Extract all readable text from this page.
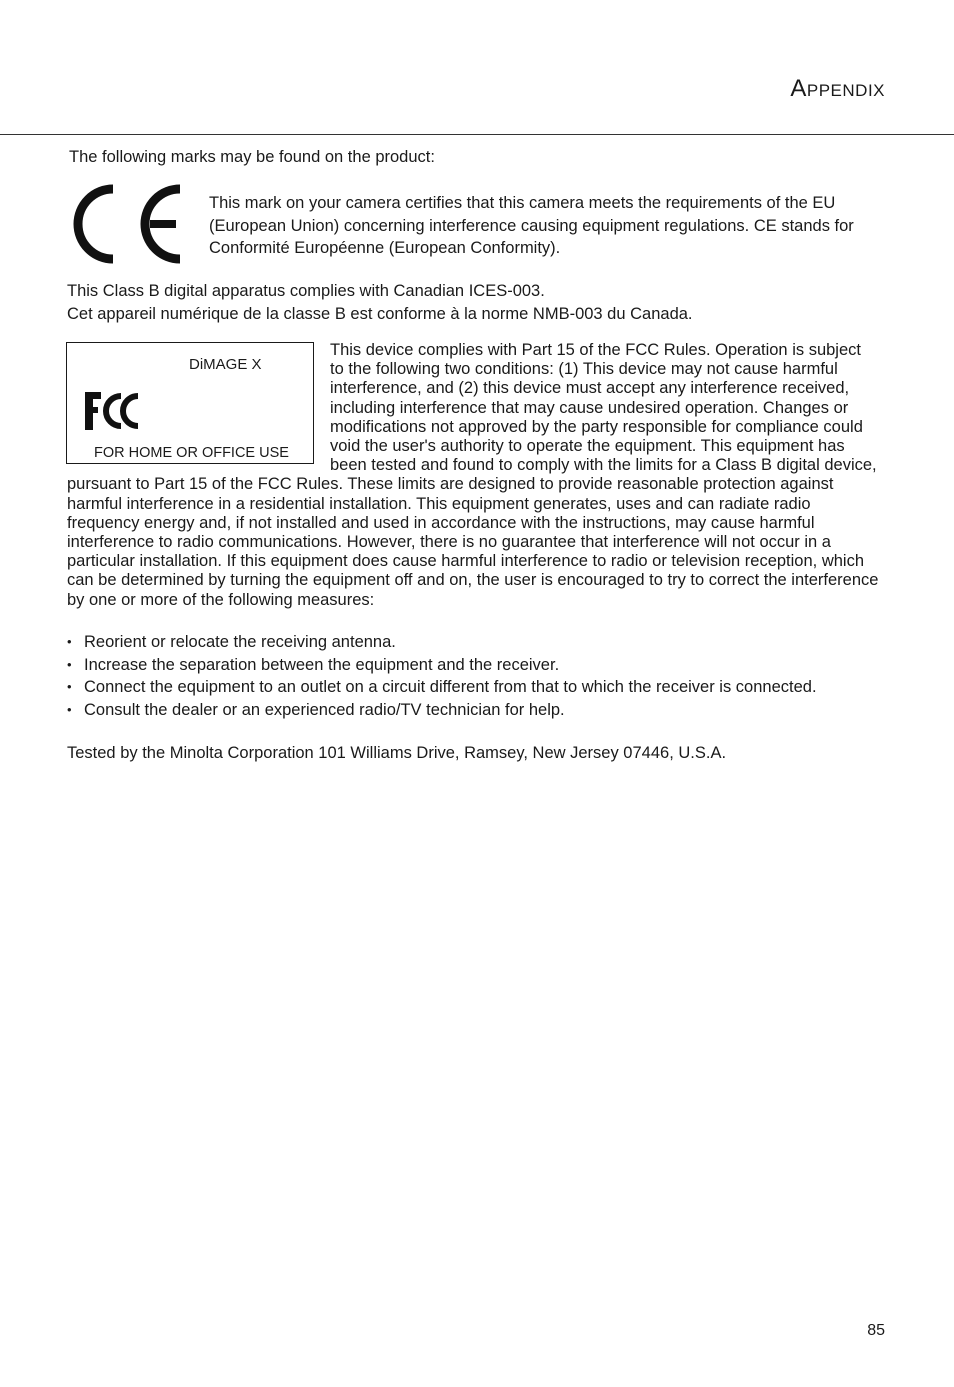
Appendix
The following marks may be found on the product:
This mark on your camera certifies that this camera meets the requirements of the EU (European Union) concerning interference causing equipment regulations. CE stands for Conformité Européenne (European Conformity).

This Class B digital apparatus complies with Canadian ICES-003.

Cet appareil numérique de la classe B est conforme à la norme NMB-003 du Canada.

This device complies with Part 15 of the FCC Rules. Operation is subject to the following two conditions: (1) This device may not cause harmful interference, and (2) this device must accept any interference received, including interference that may cause undesired operation. Changes or modifications not approved by the party responsible for compliance could void the user's authority to operate the equipment. This equipment has been tested and found to comply with the limits for a Class B digital device, pursuant to Part 15 of the FCC Rules. These limits are designed to provide reasonable protection against harmful interference in a residential installation. This equipment generates, uses and can radiate radio frequency energy and, if not installed and used in accordance with the instructions, may cause harmful interference to radio communications. However, there is no guarantee that interference will not occur in a particular installation. If this equipment does cause harmful interference to radio or television reception, which can be determined by turning the equipment off and on, the user is encouraged to try to correct the interference by one or more of the following measures:
DiMAGE X
FOR HOME OR OFFICE USE
• Reorient or relocate the receiving antenna.
• Increase the separation between the equipment and the receiver.
• Connect the equipment to an outlet on a circuit different from that to which the receiver is connected.
• Consult the dealer or an experienced radio/TV technician for help.
Tested by the Minolta Corporation 101 Williams Drive, Ramsey, New Jersey 07446, U.S.A.
85
